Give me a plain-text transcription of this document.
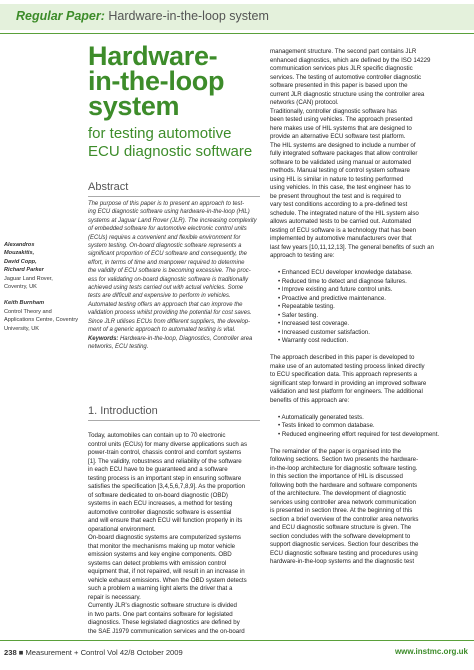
Regular Paper: Hardware-in-the-loop system
Hardware-
in-the-loop
system
for testing automotive
ECU diagnostic software
Abstract
Alexandros
Mouzakitis,
David Copp,
Richard Parker
Jaguar Land Rover,
Coventry, UK
Keith Burnham
Control Theory and
Applications Centre, Coventry
University, UK
The purpose of this paper is to present an approach to test-
ing ECU diagnostic software using hardware-in-the-loop (HIL)
systems at Jaguar Land Rover (JLR). The increasing complexity
of embedded software for automotive electronic control units
(ECUs) requires a convenient and flexible environment for
system testing. On-board diagnostic software represents a
significant proportion of ECU software and consequently, the
effort, in terms of time and manpower required to determine
the validity of ECU software is becoming excessive. The proc-
ess for validating on-board diagnostic software is traditionally
achieved using tests carried out with actual vehicles. Some
tests are difficult and expensive to perform in vehicles.
Automated testing offers an approach that can improve the
validation process whilst providing the potential for cost saves.
Since JLR utilises ECUs from different suppliers, the develop-
ment of a generic approach to automated testing is vital.
Keywords: Hardware-in-the-loop, Diagnostics, Controller area
networks, ECU testing.
1. Introduction
Today, automobiles can contain up to 70 electronic
control units (ECUs) for many diverse applications such as
power-train control, chassis control and comfort systems
[1]. The validity, robustness and reliability of the software
in each ECU have to be guaranteed and a software
testing process is an important step in ensuring software
satisfies the specification [3,4,5,6,7,8,9]. As the proportion
of software dedicated to on-board diagnostic (OBD)
systems in each ECU increases, a method for testing
automotive controller diagnostic software is essential
and will ensure that each ECU will function properly in its
operational environment.
On-board diagnostic systems are computerized systems
that monitor the mechanisms making up motor vehicle
emission systems and key engine components. OBD
systems can detect problems with emission control
equipment that, if not repaired, will result in an increase in
vehicle exhaust emissions. When the OBD system detects
such a problem a warning light alerts the driver that a
repair is necessary.
Currently JLR's diagnostic software structure is divided
in two parts. One part contains software for legislated
diagnostics. These legislated diagnostics are defined by
the SAE J1979 communication services and the on-board
management structure. The second part contains JLR
enhanced diagnostics, which are defined by the ISO 14229
communication services plus JLR specific diagnostic
services. The testing of automotive controller diagnostic
software presented in this paper is based upon the
current JLR diagnostic structure using the controller area
networks (CAN) protocol.
Traditionally, controller diagnostic software has
been tested using vehicles. The approach presented
here makes use of HIL systems that are designed to
provide an alternative ECU software test platform.
The HIL systems are designed to include a number of
fully integrated software packages that allow controller
software to be validated using manual or automated
methods. Manual testing of control system software
using HIL is similar in nature to testing performed
using vehicles. In this case, the test engineer has to
be present throughout the test and is required to
vary test conditions according to a pre-defined test
schedule. The integrated nature of the HIL system also
allows automated tests to be carried out. Automated
testing of ECU software is a technology that has been
implemented by automotive manufacturers over that
last few years [10,11,12,13]. The general benefits of such an
approach to testing are:
• Enhanced ECU developer knowledge database.
• Reduced time to detect and diagnose failures.
• Improve existing and future control units.
• Proactive and predictive maintenance.
• Repeatable testing.
• Safer testing.
• Increased test coverage.
• Increased customer satisfaction.
• Warranty cost reduction.
The approach described in this paper is developed to
make use of an automated testing process linked directly
to ECU specification data. This approach represents a
significant step forward in providing an improved software
validation and test platform for engineers. The additional
benefits of this approach are:
• Automatically generated tests.
• Tests linked to common database.
• Reduced engineering effort required for test development.
The remainder of the paper is organised into the
following sections. Section two presents the hardware-
in-the-loop architecture for diagnostic software testing.
In this section the importance of HIL is discussed
following both the hardware and software components
of the architecture. The development of diagnostic
services using controller area network communication
is presented in section three. At the beginning of this
section a brief overview of the controller area networks
and ECU diagnostic software structure is given. The
section concludes with the software development to
support diagnostic services. Section four describes the
ECU diagnostic software testing and procedures using
hardware-in-the-loop systems and the diagnostic test
238 ■ Measurement + Control Vol 42/8 October 2009	www.instmc.org.uk
